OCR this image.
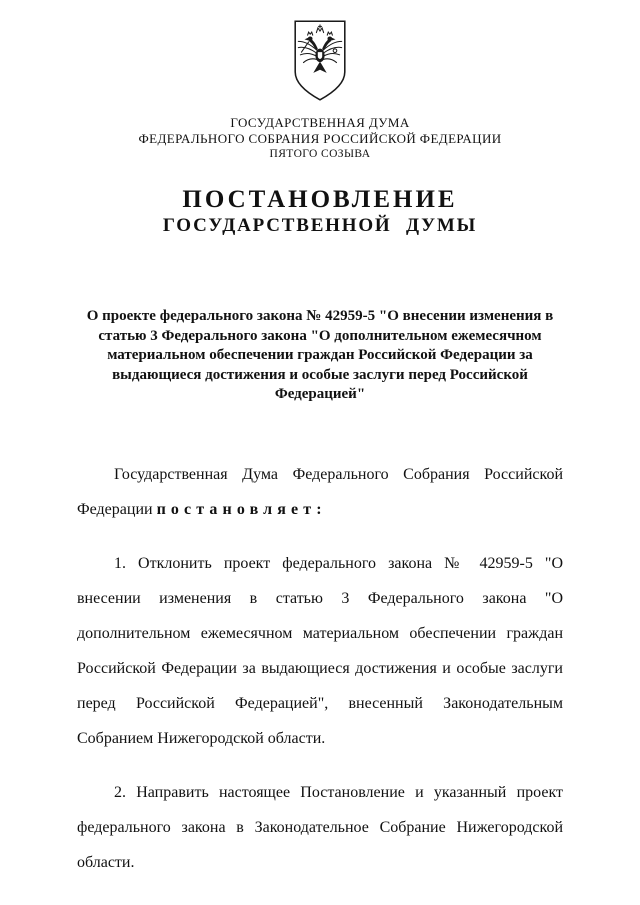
ГОСУДАРСТВЕННАЯ ДУМА
ФЕДЕРАЛЬНОГО СОБРАНИЯ РОССИЙСКОЙ ФЕДЕРАЦИИ
ПЯТОГО СОЗЫВА
ПОСТАНОВЛЕНИЕ
ГОСУДАРСТВЕННОЙ ДУМЫ

О проекте федерального закона № 42959-5 "О внесении изменения в статью 3 Федерального закона "О дополнительном ежемесячном материальном обеспечении граждан Российской Федерации за выдающиеся достижения и особые заслуги перед Российской Федерацией"

Государственная Дума Федерального Собрания Российской Федерации постановляет:

1. Отклонить проект федерального закона № 42959-5 "О внесении изменения в статью 3 Федерального закона "О дополнительном ежемесячном материальном обеспечении граждан Российской Федерации за выдающиеся достижения и особые заслуги перед Российской Федерацией", внесенный Законодательным Собранием Нижегородской области.

2. Направить настоящее Постановление и указанный проект федерального закона в Законодательное Собрание Нижегородской области.
